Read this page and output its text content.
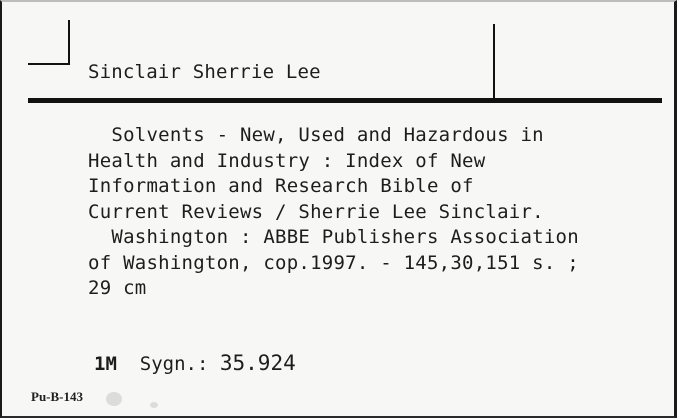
Sinclair Sherrie Lee
Solvents - New, Used and Hazardous in
Health and Industry : Index of New
Information and Research Bible of
Current Reviews / Sherrie Lee Sinclair.
Washington : ABBE Publishers Association
of Washington, cop.1997. - 145,30,151 s. ;
29 cm
1M Sygn.: 35.924
Pu-B-143
